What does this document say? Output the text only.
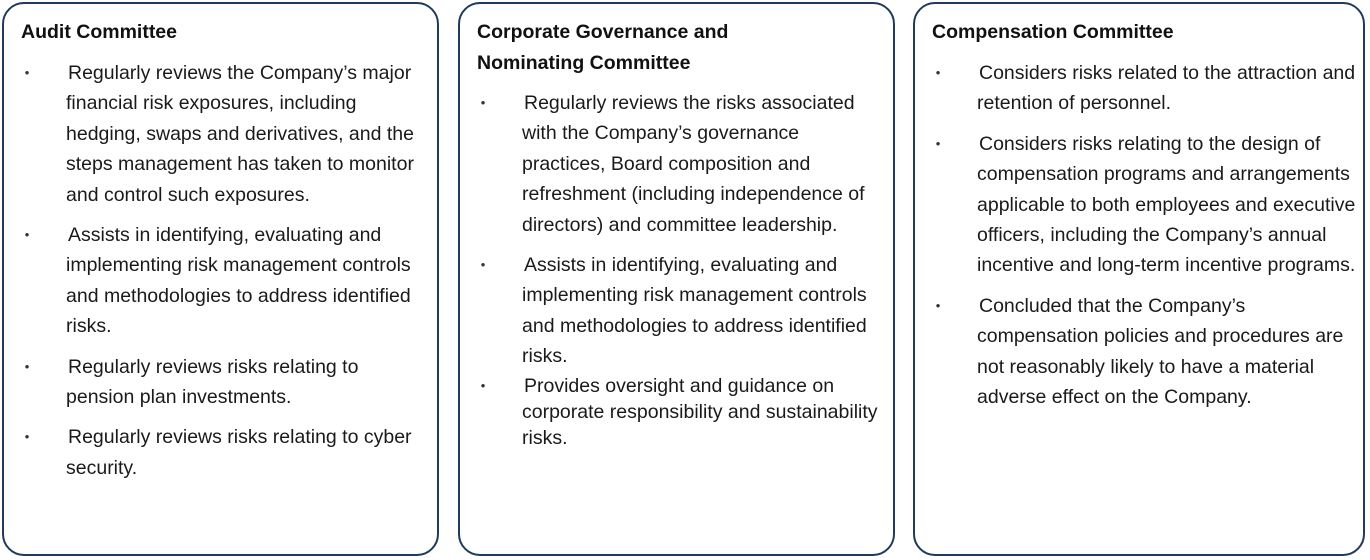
Audit Committee
• Regularly reviews the Company’s major financial risk exposures, including hedging, swaps and derivatives, and the steps management has taken to monitor and control such exposures.
• Assists in identifying, evaluating and implementing risk management controls and methodologies to address identified risks.
• Regularly reviews risks relating to pension plan investments.
• Regularly reviews risks relating to cyber security.
Corporate Governance and Nominating Committee
• Regularly reviews the risks associated with the Company’s governance practices, Board composition and refreshment (including independence of directors) and committee leadership.
• Assists in identifying, evaluating and implementing risk management controls and methodologies to address identified risks.
• Provides oversight and guidance on corporate responsibility and sustainability risks.
Compensation Committee
• Considers risks related to the attraction and retention of personnel.
• Considers risks relating to the design of compensation programs and arrangements applicable to both employees and executive officers, including the Company’s annual incentive and long-term incentive programs.
• Concluded that the Company’s compensation policies and procedures are not reasonably likely to have a material adverse effect on the Company.
